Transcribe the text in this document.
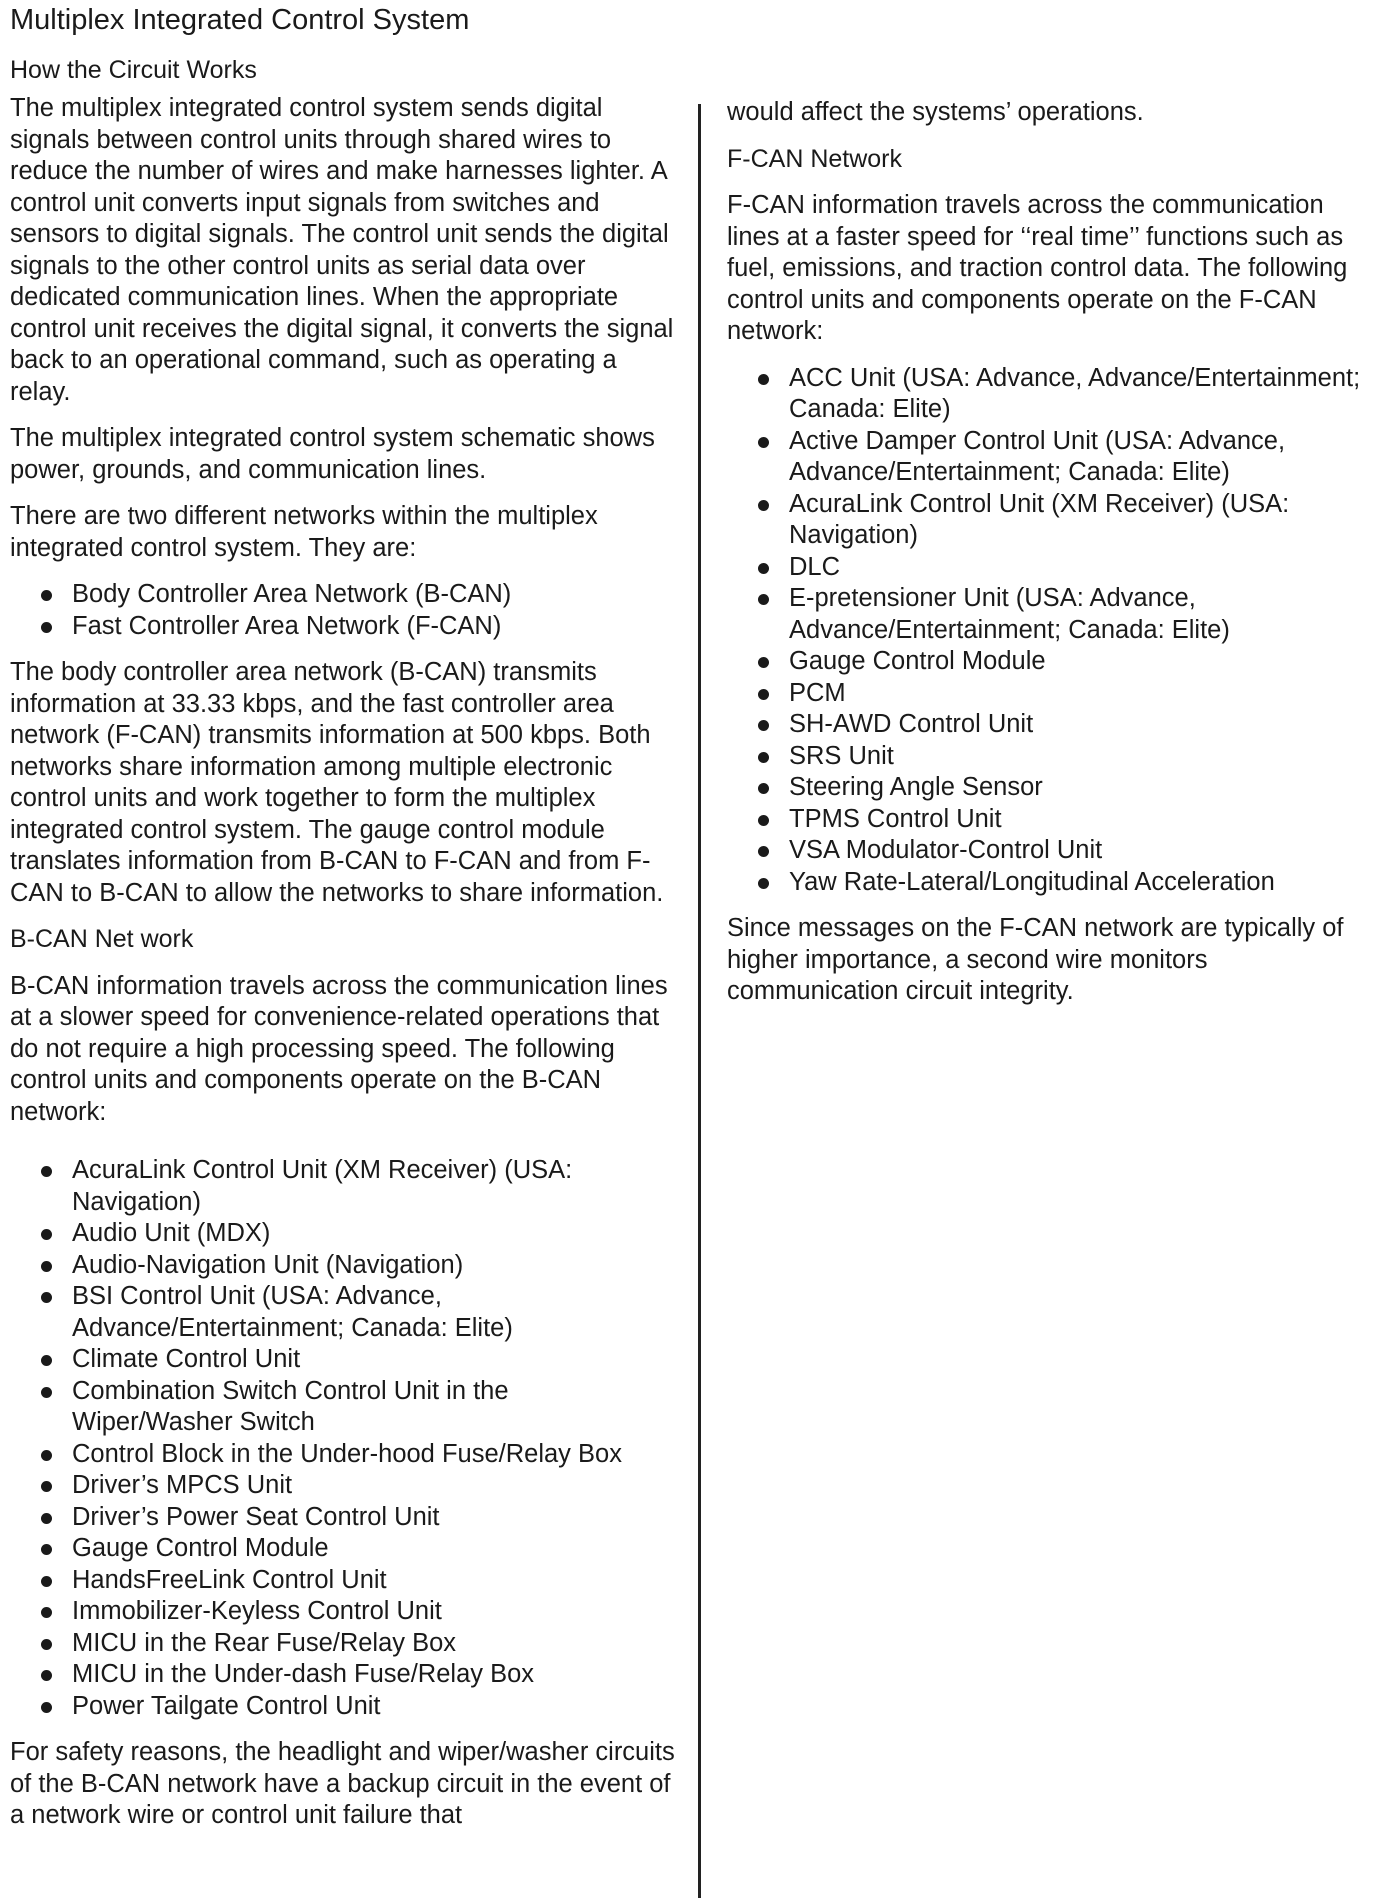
Multiplex Integrated Control System
How the Circuit Works

The multiplex integrated control system sends digital signals between control units through shared wires to reduce the number of wires and make harnesses lighter. A control unit converts input signals from switches and sensors to digital signals. The control unit sends the digital signals to the other control units as serial data over dedicated communication lines. When the appropriate control unit receives the digital signal, it converts the signal back to an operational command, such as operating a relay.

The multiplex integrated control system schematic shows power, grounds, and communication lines.

There are two different networks within the multiplex integrated control system. They are:

Body Controller Area Network (B-CAN)
Fast Controller Area Network (F-CAN)

The body controller area network (B-CAN) transmits information at 33.33 kbps, and the fast controller area network (F-CAN) transmits information at 500 kbps. Both networks share information among multiple electronic control units and work together to form the multiplex integrated control system. The gauge control module translates information from B-CAN to F-CAN and from F-CAN to B-CAN to allow the networks to share information.

B-CAN Net work

B-CAN information travels across the communication lines at a slower speed for convenience-related operations that do not require a high processing speed. The following control units and components operate on the B-CAN network:

AcuraLink Control Unit (XM Receiver) (USA: Navigation)
Audio Unit (MDX)
Audio-Navigation Unit (Navigation)
BSI Control Unit (USA: Advance, Advance/Entertainment; Canada: Elite)
Climate Control Unit
Combination Switch Control Unit in the Wiper/Washer Switch
Control Block in the Under-hood Fuse/Relay Box
Driver’s MPCS Unit
Driver’s Power Seat Control Unit
Gauge Control Module
HandsFreeLink Control Unit
Immobilizer-Keyless Control Unit
MICU in the Rear Fuse/Relay Box
MICU in the Under-dash Fuse/Relay Box
Power Tailgate Control Unit

For safety reasons, the headlight and wiper/washer circuits of the B-CAN network have a backup circuit in the event of a network wire or control unit failure that

would affect the systems’ operations.

F-CAN Network

F-CAN information travels across the communication lines at a faster speed for ‘‘real time’’ functions such as fuel, emissions, and traction control data. The following control units and components operate on the F-CAN network:

ACC Unit (USA: Advance, Advance/Entertainment; Canada: Elite)
Active Damper Control Unit (USA: Advance, Advance/Entertainment; Canada: Elite)
AcuraLink Control Unit (XM Receiver) (USA: Navigation)
DLC
E-pretensioner Unit (USA: Advance, Advance/Entertainment; Canada: Elite)
Gauge Control Module
PCM
SH-AWD Control Unit
SRS Unit
Steering Angle Sensor
TPMS Control Unit
VSA Modulator-Control Unit
Yaw Rate-Lateral/Longitudinal Acceleration

Since messages on the F-CAN network are typically of higher importance, a second wire monitors communication circuit integrity.
